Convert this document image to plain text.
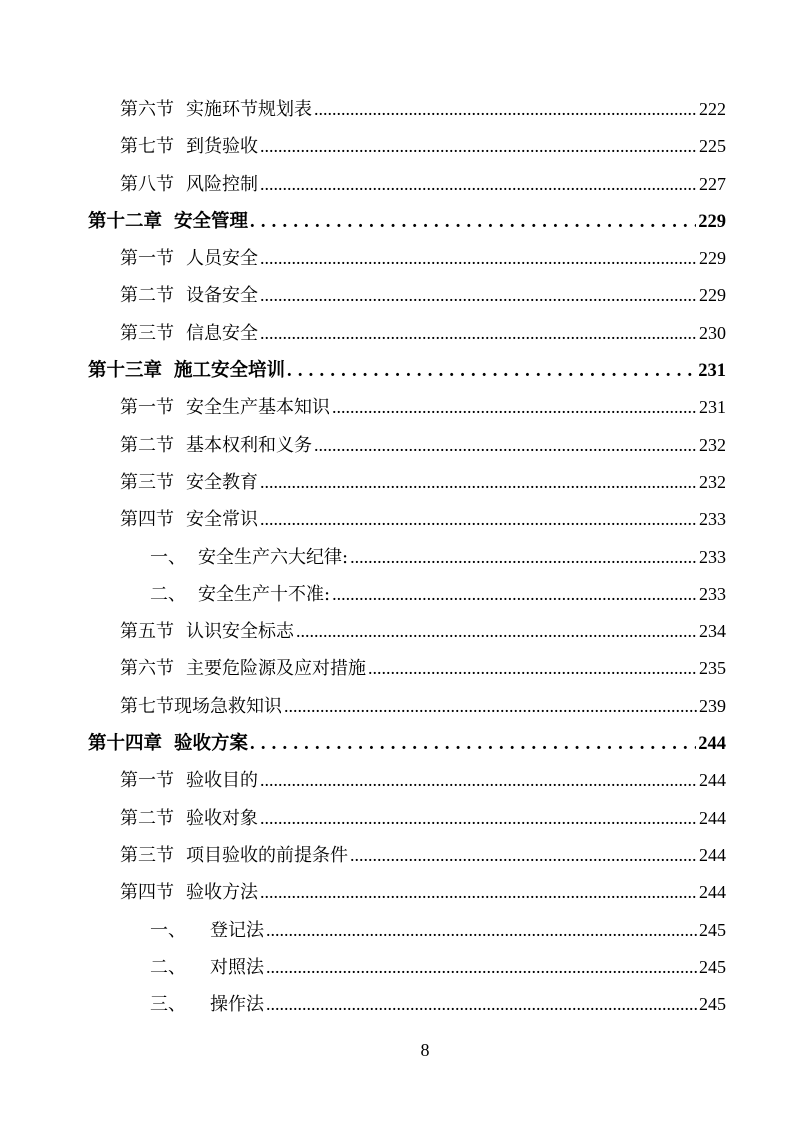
第六节 实施环节规划表 .....	222
第七节 到货验收 .....	225
第八节 风险控制 .....	227
第十二章 安全管理 .....	229
第一节 人员安全 .....	229
第二节 设备安全 .....	229
第三节 信息安全 .....	230
第十三章 施工安全培训 .....	231
第一节 安全生产基本知识 .....	231
第二节 基本权利和义务 .....	232
第三节 安全教育 .....	232
第四节 安全常识 .....	233
一、 安全生产六大纪律: .....	233
二、 安全生产十不准: .....	233
第五节 认识安全标志 .....	234
第六节 主要危险源及应对措施 .....	235
第七节现场急救知识 .....	239
第十四章 验收方案 .....	244
第一节 验收目的 .....	244
第二节 验收对象 .....	244
第三节 项目验收的前提条件 .....	244
第四节 验收方法 .....	244
一、 登记法 .....	245
二、 对照法 .....	245
三、 操作法 .....	245
8
